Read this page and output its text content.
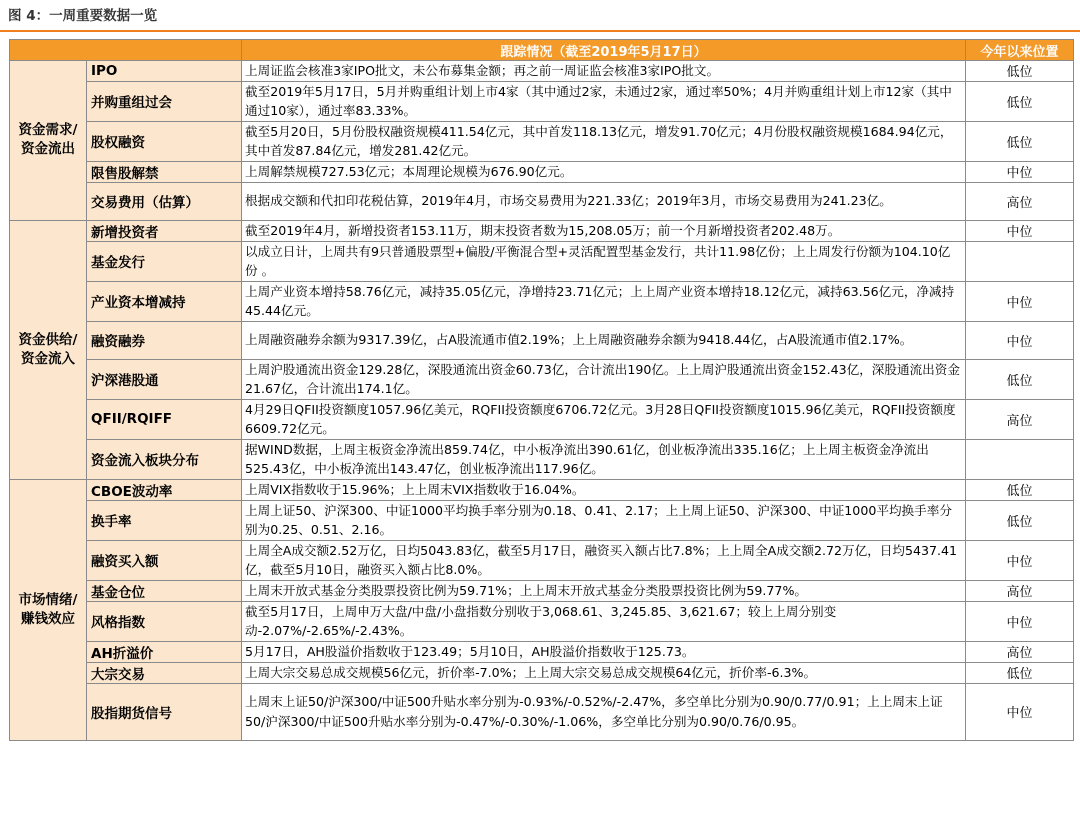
图 4：一周重要数据一览
		跟踪情况（截至2019年5月17日）	今年以来位置
资金需求/资金流出	IPO	上周证监会核准3家IPO批文，未公布募集金额；再之前一周证监会核准3家IPO批文。	低位
	并购重组过会	截至2019年5月17日，5月并购重组计划上市4家（其中通过2家，未通过2家，通过率50%；4月并购重组计划上市12家（其中通过10家），通过率83.33%。	低位
	股权融资	截至5月20日，5月份股权融资规模411.54亿元，其中首发118.13亿元，增发91.70亿元；4月份股权融资规模1684.94亿元，其中首发87.84亿元，增发281.42亿元。	低位
	限售股解禁	上周解禁规模727.53亿元；本周理论规模为676.90亿元。	中位
	交易费用（估算）	根据成交额和代扣印花税估算，2019年4月，市场交易费用为221.33亿；2019年3月，市场交易费用为241.23亿。	高位
资金供给/资金流入	新增投资者	截至2019年4月，新增投资者153.11万，期末投资者数为15,208.05万；前一个月新增投资者202.48万。	中位
	基金发行	以成立日计，上周共有9只普通股票型+偏股/平衡混合型+灵活配置型基金发行，共计11.98亿份；上上周发行份额为104.10亿份 。	
	产业资本增减持	上周产业资本增持58.76亿元，减持35.05亿元，净增持23.71亿元；上上周产业资本增持18.12亿元，减持63.56亿元，净减持45.44亿元。	中位
	融资融券	上周融资融券余额为9317.39亿，占A股流通市值2.19%；上上周融资融券余额为9418.44亿，占A股流通市值2.17%。	中位
	沪深港股通	上周沪股通流出资金129.28亿，深股通流出资金60.73亿，合计流出190亿。上上周沪股通流出资金152.43亿，深股通流出资金21.67亿，合计流出174.1亿。	低位
	QFII/RQIFF	4月29日QFII投资额度1057.96亿美元，RQFII投资额度6706.72亿元。3月28日QFII投资额度1015.96亿美元，RQFII投资额度6609.72亿元。	高位
	资金流入板块分布	据WIND数据，上周主板资金净流出859.74亿，中小板净流出390.61亿，创业板净流出335.16亿；上上周主板资金净流出525.43亿，中小板净流出143.47亿，创业板净流出117.96亿。	
市场情绪/赚钱效应	CBOE波动率	上周VIX指数收于15.96%；上上周末VIX指数收于16.04%。	低位
	换手率	上周上证50、沪深300、中证1000平均换手率分别为0.18、0.41、2.17；上上周上证50、沪深300、中证1000平均换手率分别为0.25、0.51、2.16。	低位
	融资买入额	上周全A成交额2.52万亿，日均5043.83亿，截至5月17日，融资买入额占比7.8%；上上周全A成交额2.72万亿，日均5437.41亿，截至5月10日，融资买入额占比8.0%。	中位
	基金仓位	上周末开放式基金分类股票投资比例为59.71%；上上周末开放式基金分类股票投资比例为59.77%。	高位
	风格指数	截至5月17日，上周申万大盘/中盘/小盘指数分别收于3,068.61、3,245.85、3,621.67；较上上周分别变动-2.07%/-2.65%/-2.43%。	中位
	AH折溢价	5月17日，AH股溢价指数收于123.49；5月10日，AH股溢价指数收于125.73。	高位
	大宗交易	上周大宗交易总成交规模56亿元，折价率-7.0%；上上周大宗交易总成交规模64亿元，折价率-6.3%。	低位
	股指期货信号	上周末上证50/沪深300/中证500升贴水率分别为-0.93%/-0.52%/-2.47%，多空单比分别为0.90/0.77/0.91；上上周末上证50/沪深300/中证500升贴水率分别为-0.47%/-0.30%/-1.06%，多空单比分别为0.90/0.76/0.95。	中位
